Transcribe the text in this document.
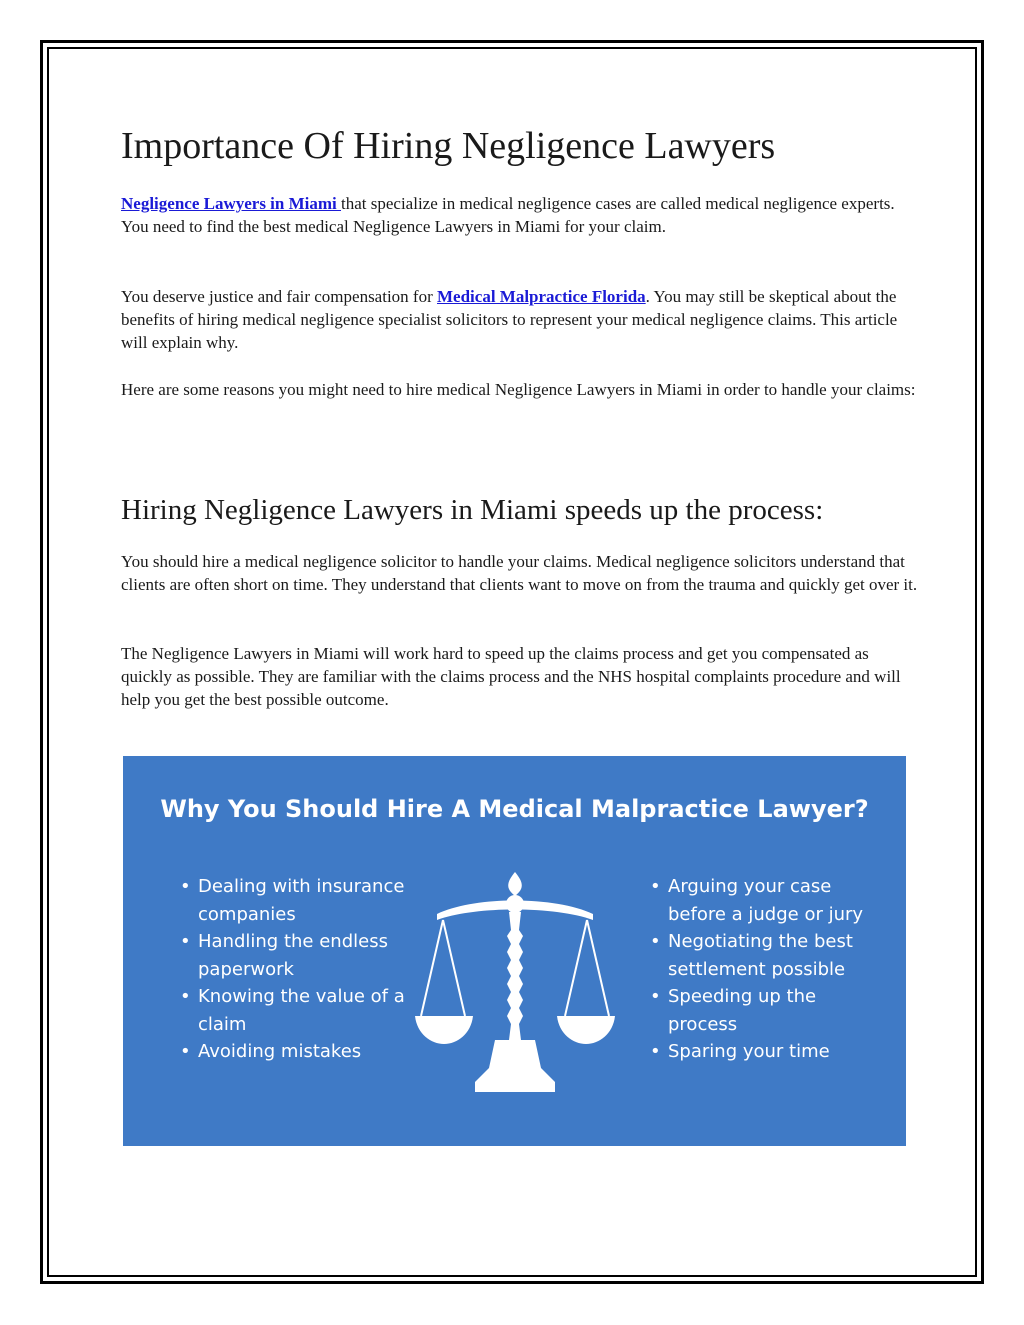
Importance Of Hiring Negligence Lawyers

Negligence Lawyers in Miami that specialize in medical negligence cases are called medical negligence experts. You need to find the best medical Negligence Lawyers in Miami for your claim.

You deserve justice and fair compensation for Medical Malpractice Florida. You may still be skeptical about the benefits of hiring medical negligence specialist solicitors to represent your medical negligence claims. This article will explain why.

Here are some reasons you might need to hire medical Negligence Lawyers in Miami in order to handle your claims:

Hiring Negligence Lawyers in Miami speeds up the process:

You should hire a medical negligence solicitor to handle your claims. Medical negligence solicitors understand that clients are often short on time. They understand that clients want to move on from the trauma and quickly get over it.

The Negligence Lawyers in Miami will work hard to speed up the claims process and get you compensated as quickly as possible. They are familiar with the claims process and the NHS hospital complaints procedure and will help you get the best possible outcome.

Why You Should Hire A Medical Malpractice Lawyer?
• Dealing with insurance companies
• Handling the endless paperwork
• Knowing the value of a claim
• Avoiding mistakes
• Arguing your case before a judge or jury
• Negotiating the best settlement possible
• Speeding up the process
• Sparing your time
